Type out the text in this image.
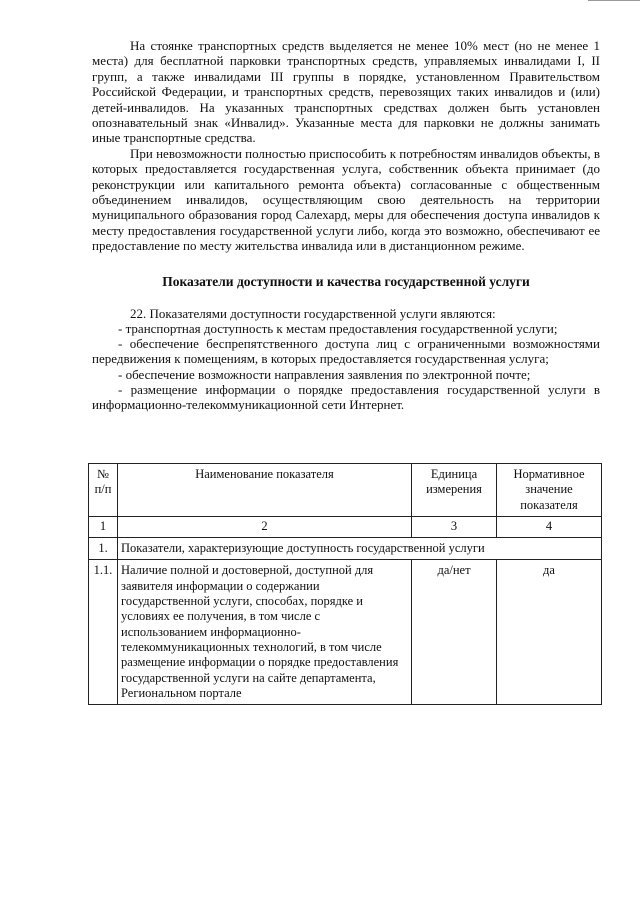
На стоянке транспортных средств выделяется не менее 10% мест (но не менее 1 места) для бесплатной парковки транспортных средств, управляемых инвалидами I, II групп, а также инвалидами III группы в порядке, установленном Правительством Российской Федерации, и транспортных средств, перевозящих таких инвалидов и (или) детей-инвалидов. На указанных транспортных средствах должен быть установлен опознавательный знак «Инвалид». Указанные места для парковки не должны занимать иные транспортные средства.

При невозможности полностью приспособить к потребностям инвалидов объекты, в которых предоставляется государственная услуга, собственник объекта принимает (до реконструкции или капитального ремонта объекта) согласованные с общественным объединением инвалидов, осуществляющим свою деятельность на территории муниципального образования город Салехард, меры для обеспечения доступа инвалидов к месту предоставления государственной услуги либо, когда это возможно, обеспечивают ее предоставление по месту жительства инвалида или в дистанционном режиме.

Показатели доступности и качества государственной услуги

22. Показателями доступности государственной услуги являются:

- транспортная доступность к местам предоставления государственной услуги;

- обеспечение беспрепятственного доступа лиц с ограниченными возможностями передвижения к помещениям, в которых предоставляется государственная услуга;

- обеспечение возможности направления заявления по электронной почте;

- размещение информации о порядке предоставления государственной услуги в информационно-телекоммуникационной сети Интернет.

№ п/п	Наименование показателя	Единица измерения	Нормативное значение показателя
1	2	3	4
1.	Показатели, характеризующие доступность государственной услуги		
1.1.	Наличие полной и достоверной, доступной для заявителя информации о содержании государственной услуги, способах, порядке и условиях ее получения, в том числе с использованием информационно-телекоммуникационных технологий, в том числе размещение информации о порядке предоставления государственной услуги на сайте департамента, Региональном портале	да/нет	да
